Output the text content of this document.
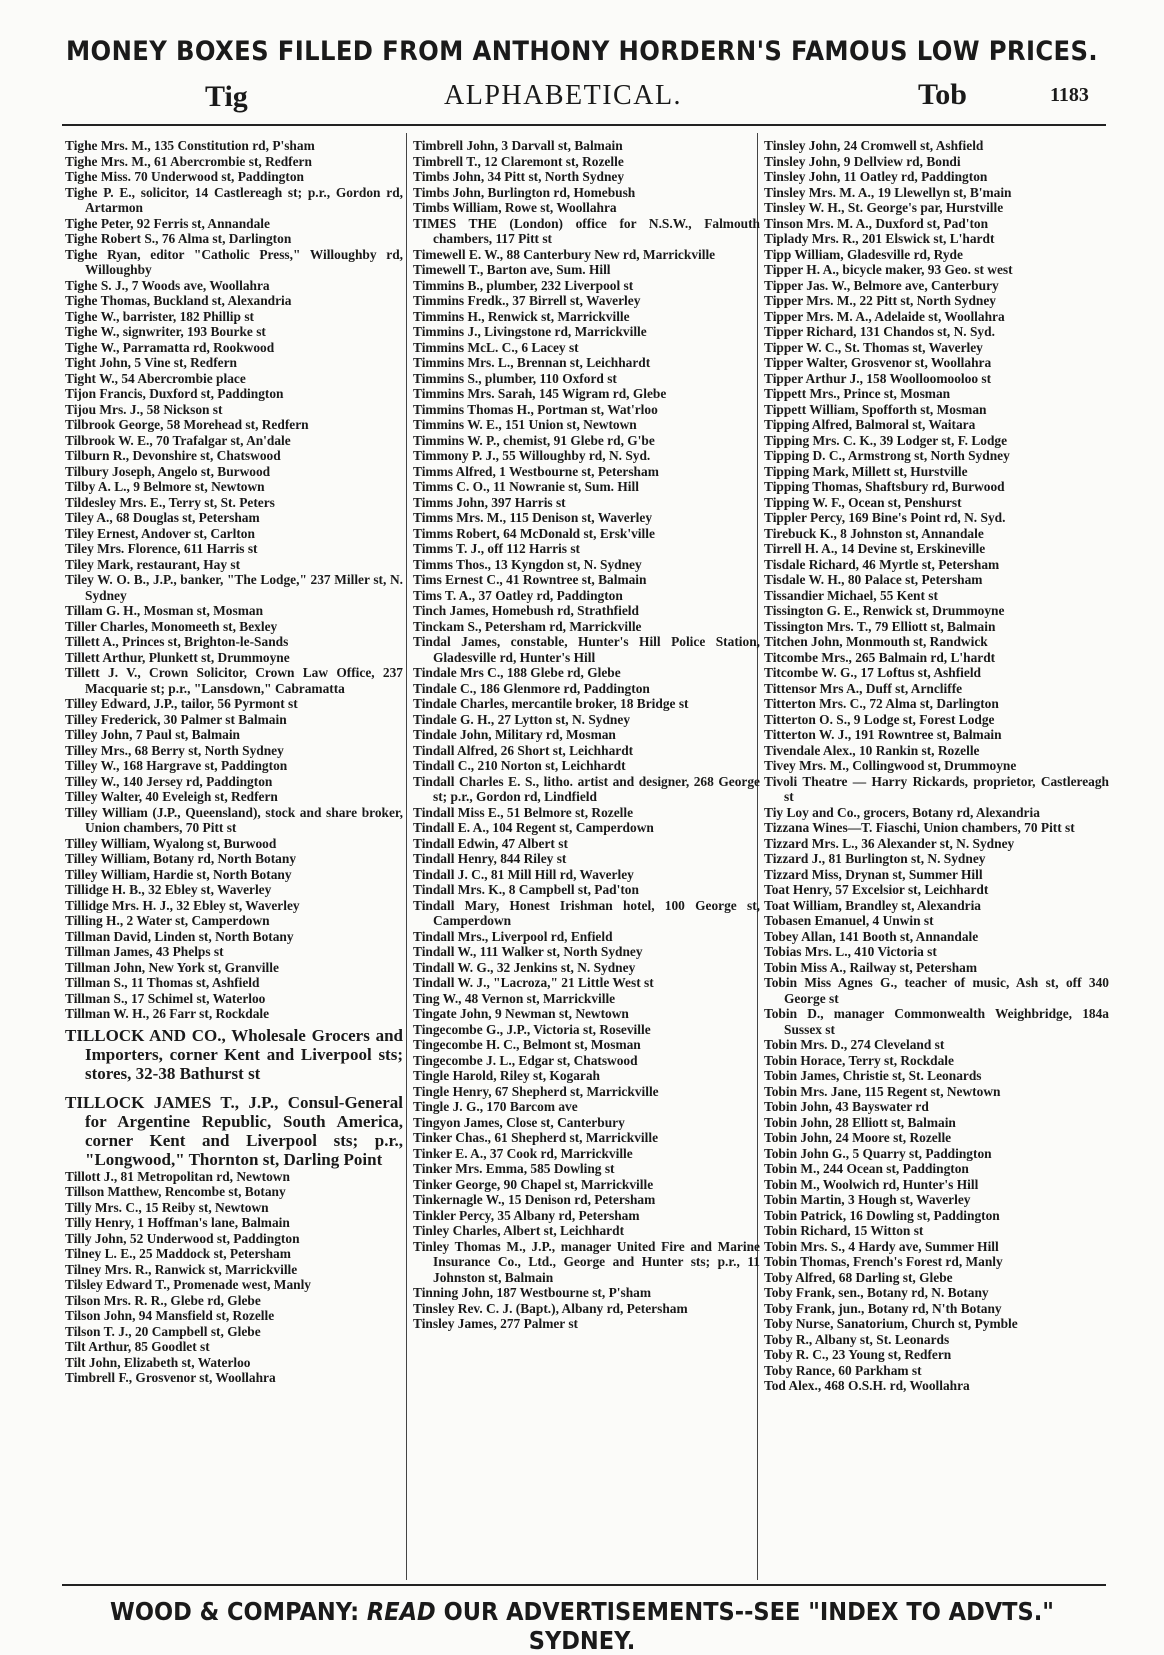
MONEY BOXES FILLED FROM ANTHONY HORDERN'S FAMOUS LOW PRICES.
Tig	ALPHABETICAL.	Tob	1183
Tighe Mrs. M., 135 Constitution rd, P'sham
Tighe Mrs. M., 61 Abercrombie st, Redfern
Tighe Miss. 70 Underwood st, Paddington
Tighe P. E., solicitor, 14 Castlereagh st; p.r., Gordon rd, Artarmon
Tighe Peter, 92 Ferris st, Annandale
Tighe Robert S., 76 Alma st, Darlington
Tighe Ryan, editor "Catholic Press," Willoughby rd, Willoughby
Tighe S. J., 7 Woods ave, Woollahra
Tighe Thomas, Buckland st, Alexandria
Tighe W., barrister, 182 Phillip st
Tighe W., signwriter, 193 Bourke st
Tighe W., Parramatta rd, Rookwood
Tight John, 5 Vine st, Redfern
Tight W., 54 Abercrombie place
Tijon Francis, Duxford st, Paddington
Tijou Mrs. J., 58 Nickson st
Tilbrook George, 58 Morehead st, Redfern
Tilbrook W. E., 70 Trafalgar st, An'dale
Tilburn R., Devonshire st, Chatswood
Tilbury Joseph, Angelo st, Burwood
Tilby A. L., 9 Belmore st, Newtown
Tildesley Mrs. E., Terry st, St. Peters
Tiley A., 68 Douglas st, Petersham
Tiley Ernest, Andover st, Carlton
Tiley Mrs. Florence, 611 Harris st
Tiley Mark, restaurant, Hay st
Tiley W. O. B., J.P., banker, "The Lodge," 237 Miller st, N. Sydney
Tillam G. H., Mosman st, Mosman
Tiller Charles, Monomeeth st, Bexley
Tillett A., Princes st, Brighton-le-Sands
Tillett Arthur, Plunkett st, Drummoyne
Tillett J. V., Crown Solicitor, Crown Law Office, 237 Macquarie st; p.r., "Lansdown," Cabramatta
Tilley Edward, J.P., tailor, 56 Pyrmont st
Tilley Frederick, 30 Palmer st Balmain
Tilley John, 7 Paul st, Balmain
Tilley Mrs., 68 Berry st, North Sydney
Tilley W., 168 Hargrave st, Paddington
Tilley W., 140 Jersey rd, Paddington
Tilley Walter, 40 Eveleigh st, Redfern
Tilley William (J.P., Queensland), stock and share broker, Union chambers, 70 Pitt st
Tilley William, Wyalong st, Burwood
Tilley William, Botany rd, North Botany
Tilley William, Hardie st, North Botany
Tillidge H. B., 32 Ebley st, Waverley
Tillidge Mrs. H. J., 32 Ebley st, Waverley
Tilling H., 2 Water st, Camperdown
Tillman David, Linden st, North Botany
Tillman James, 43 Phelps st
Tillman John, New York st, Granville
Tillman S., 11 Thomas st, Ashfield
Tillman S., 17 Schimel st, Waterloo
Tillman W. H., 26 Farr st, Rockdale
TILLOCK AND CO., Wholesale Grocers and Importers, corner Kent and Liverpool sts; stores, 32-38 Bathurst st
TILLOCK JAMES T., J.P., Consul-General for Argentine Republic, South America, corner Kent and Liverpool sts; p.r., "Longwood," Thornton st, Darling Point
Tillott J., 81 Metropolitan rd, Newtown
Tillson Matthew, Rencombe st, Botany
Tilly Mrs. C., 15 Reiby st, Newtown
Tilly Henry, 1 Hoffman's lane, Balmain
Tilly John, 52 Underwood st, Paddington
Tilney L. E., 25 Maddock st, Petersham
Tilney Mrs. R., Ranwick st, Marrickville
Tilsley Edward T., Promenade west, Manly
Tilson Mrs. R. R., Glebe rd, Glebe
Tilson John, 94 Mansfield st, Rozelle
Tilson T. J., 20 Campbell st, Glebe
Tilt Arthur, 85 Goodlet st
Tilt John, Elizabeth st, Waterloo
Timbrell F., Grosvenor st, Woollahra
Timbrell John, 3 Darvall st, Balmain
Timbrell T., 12 Claremont st, Rozelle
Timbs John, 34 Pitt st, North Sydney
Timbs John, Burlington rd, Homebush
Timbs William, Rowe st, Woollahra
TIMES THE (London) office for N.S.W., Falmouth chambers, 117 Pitt st
Timewell E. W., 88 Canterbury New rd, Marrickville
Timewell T., Barton ave, Sum. Hill
Timmins B., plumber, 232 Liverpool st
Timmins Fredk., 37 Birrell st, Waverley
Timmins H., Renwick st, Marrickville
Timmins J., Livingstone rd, Marrickville
Timmins McL. C., 6 Lacey st
Timmins Mrs. L., Brennan st, Leichhardt
Timmins S., plumber, 110 Oxford st
Timmins Mrs. Sarah, 145 Wigram rd, Glebe
Timmins Thomas H., Portman st, Wat'rloo
Timmins W. E., 151 Union st, Newtown
Timmins W. P., chemist, 91 Glebe rd, G'be
Timmony P. J., 55 Willoughby rd, N. Syd.
Timms Alfred, 1 Westbourne st, Petersham
Timms C. O., 11 Nowranie st, Sum. Hill
Timms John, 397 Harris st
Timms Mrs. M., 115 Denison st, Waverley
Timms Robert, 64 McDonald st, Ersk'ville
Timms T. J., off 112 Harris st
Timms Thos., 13 Kyngdon st, N. Sydney
Tims Ernest C., 41 Rowntree st, Balmain
Tims T. A., 37 Oatley rd, Paddington
Tinch James, Homebush rd, Strathfield
Tinckam S., Petersham rd, Marrickville
Tindal James, constable, Hunter's Hill Police Station, Gladesville rd, Hunter's Hill
Tindale Mrs C., 188 Glebe rd, Glebe
Tindale C., 186 Glenmore rd, Paddington
Tindale Charles, mercantile broker, 18 Bridge st
Tindale G. H., 27 Lytton st, N. Sydney
Tindale John, Military rd, Mosman
Tindall Alfred, 26 Short st, Leichhardt
Tindall C., 210 Norton st, Leichhardt
Tindall Charles E. S., litho. artist and designer, 268 George st; p.r., Gordon rd, Lindfield
Tindall Miss E., 51 Belmore st, Rozelle
Tindall E. A., 104 Regent st, Camperdown
Tindall Edwin, 47 Albert st
Tindall Henry, 844 Riley st
Tindall J. C., 81 Mill Hill rd, Waverley
Tindall Mrs. K., 8 Campbell st, Pad'ton
Tindall Mary, Honest Irishman hotel, 100 George st, Camperdown
Tindall Mrs., Liverpool rd, Enfield
Tindall W., 111 Walker st, North Sydney
Tindall W. G., 32 Jenkins st, N. Sydney
Tindall W. J., "Lacroza," 21 Little West st
Ting W., 48 Vernon st, Marrickville
Tingate John, 9 Newman st, Newtown
Tingecombe G., J.P., Victoria st, Roseville
Tingecombe H. C., Belmont st, Mosman
Tingecombe J. L., Edgar st, Chatswood
Tingle Harold, Riley st, Kogarah
Tingle Henry, 67 Shepherd st, Marrickville
Tingle J. G., 170 Barcom ave
Tingyon James, Close st, Canterbury
Tinker Chas., 61 Shepherd st, Marrickville
Tinker E. A., 37 Cook rd, Marrickville
Tinker Mrs. Emma, 585 Dowling st
Tinker George, 90 Chapel st, Marrickville
Tinkernagle W., 15 Denison rd, Petersham
Tinkler Percy, 35 Albany rd, Petersham
Tinley Charles, Albert st, Leichhardt
Tinley Thomas M., J.P., manager United Fire and Marine Insurance Co., Ltd., George and Hunter sts; p.r., 11 Johnston st, Balmain
Tinning John, 187 Westbourne st, P'sham
Tinsley Rev. C. J. (Bapt.), Albany rd, Petersham
Tinsley James, 277 Palmer st
Tinsley John, 24 Cromwell st, Ashfield
Tinsley John, 9 Dellview rd, Bondi
Tinsley John, 11 Oatley rd, Paddington
Tinsley Mrs. M. A., 19 Llewellyn st, B'main
Tinsley W. H., St. George's par, Hurstville
Tinson Mrs. M. A., Duxford st, Pad'ton
Tiplady Mrs. R., 201 Elswick st, L'hardt
Tipp William, Gladesville rd, Ryde
Tipper H. A., bicycle maker, 93 Geo. st west
Tipper Jas. W., Belmore ave, Canterbury
Tipper Mrs. M., 22 Pitt st, North Sydney
Tipper Mrs. M. A., Adelaide st, Woollahra
Tipper Richard, 131 Chandos st, N. Syd.
Tipper W. C., St. Thomas st, Waverley
Tipper Walter, Grosvenor st, Woollahra
Tipper Arthur J., 158 Woolloomooloo st
Tippett Mrs., Prince st, Mosman
Tippett William, Spofforth st, Mosman
Tipping Alfred, Balmoral st, Waitara
Tipping Mrs. C. K., 39 Lodger st, F. Lodge
Tipping D. C., Armstrong st, North Sydney
Tipping Mark, Millett st, Hurstville
Tipping Thomas, Shaftsbury rd, Burwood
Tipping W. F., Ocean st, Penshurst
Tippler Percy, 169 Bine's Point rd, N. Syd.
Tirebuck K., 8 Johnston st, Annandale
Tirrell H. A., 14 Devine st, Erskineville
Tisdale Richard, 46 Myrtle st, Petersham
Tisdale W. H., 80 Palace st, Petersham
Tissandier Michael, 55 Kent st
Tissington G. E., Renwick st, Drummoyne
Tissington Mrs. T., 79 Elliott st, Balmain
Titchen John, Monmouth st, Randwick
Titcombe Mrs., 265 Balmain rd, L'hardt
Titcombe W. G., 17 Loftus st, Ashfield
Tittensor Mrs A., Duff st, Arncliffe
Titterton Mrs. C., 72 Alma st, Darlington
Titterton O. S., 9 Lodge st, Forest Lodge
Titterton W. J., 191 Rowntree st, Balmain
Tivendale Alex., 10 Rankin st, Rozelle
Tivey Mrs. M., Collingwood st, Drummoyne
Tivoli Theatre — Harry Rickards, proprietor, Castlereagh st
Tiy Loy and Co., grocers, Botany rd, Alexandria
Tizzana Wines—T. Fiaschi, Union chambers, 70 Pitt st
Tizzard Mrs. L., 36 Alexander st, N. Sydney
Tizzard J., 81 Burlington st, N. Sydney
Tizzard Miss, Drynan st, Summer Hill
Toat Henry, 57 Excelsior st, Leichhardt
Toat William, Brandley st, Alexandria
Tobasen Emanuel, 4 Unwin st
Tobey Allan, 141 Booth st, Annandale
Tobias Mrs. L., 410 Victoria st
Tobin Miss A., Railway st, Petersham
Tobin Miss Agnes G., teacher of music, Ash st, off 340 George st
Tobin D., manager Commonwealth Weighbridge, 184a Sussex st
Tobin Mrs. D., 274 Cleveland st
Tobin Horace, Terry st, Rockdale
Tobin James, Christie st, St. Leonards
Tobin Mrs. Jane, 115 Regent st, Newtown
Tobin John, 43 Bayswater rd
Tobin John, 28 Elliott st, Balmain
Tobin John, 24 Moore st, Rozelle
Tobin John G., 5 Quarry st, Paddington
Tobin M., 244 Ocean st, Paddington
Tobin M., Woolwich rd, Hunter's Hill
Tobin Martin, 3 Hough st, Waverley
Tobin Patrick, 16 Dowling st, Paddington
Tobin Richard, 15 Witton st
Tobin Mrs. S., 4 Hardy ave, Summer Hill
Tobin Thomas, French's Forest rd, Manly
Toby Alfred, 68 Darling st, Glebe
Toby Frank, sen., Botany rd, N. Botany
Toby Frank, jun., Botany rd, N'th Botany
Toby Nurse, Sanatorium, Church st, Pymble
Toby R., Albany st, St. Leonards
Toby R. C., 23 Young st, Redfern
Toby Rance, 60 Parkham st
Tod Alex., 468 O.S.H. rd, Woollahra
WOOD & COMPANY: READ OUR ADVERTISEMENTS--SEE "INDEX TO ADVTS." SYDNEY.
